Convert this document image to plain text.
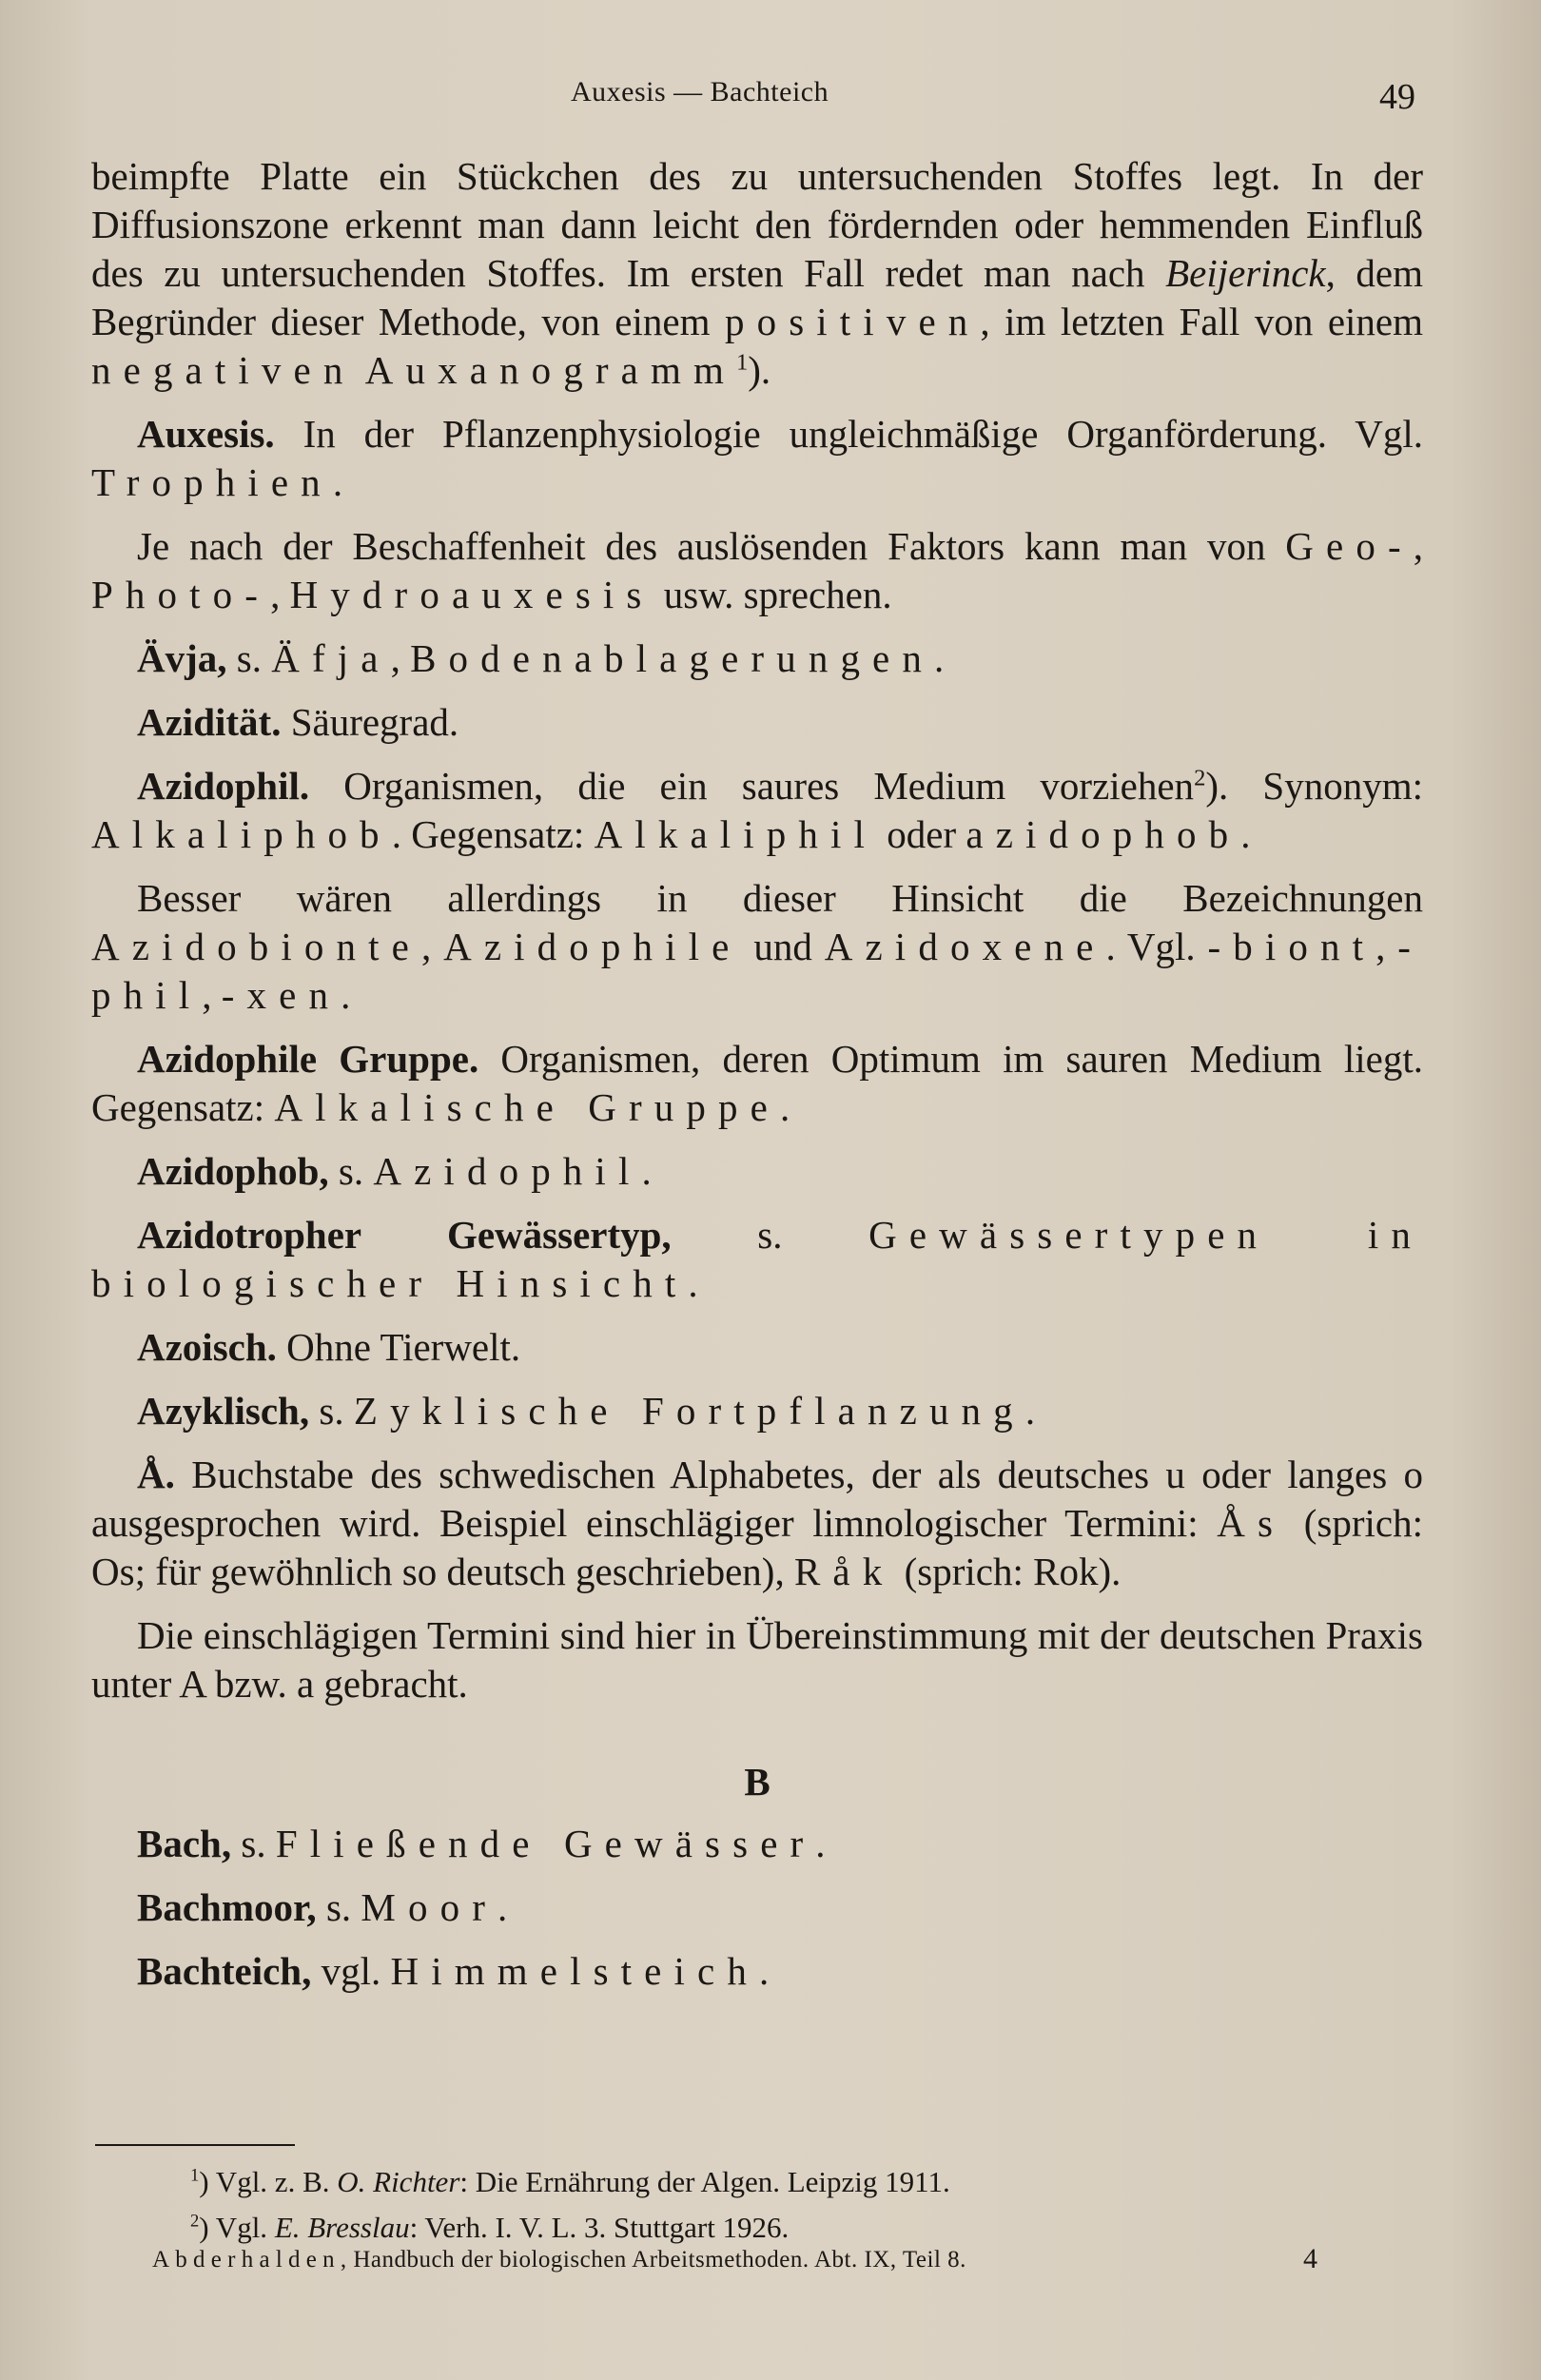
Auxesis — Bachteich	49

beimpfte Platte ein Stückchen des zu untersuchenden Stoffes legt. In der Diffusionszone erkennt man dann leicht den fördernden oder hemmenden Einfluß des zu untersuchenden Stoffes. Im ersten Fall redet man nach Beijerinck, dem Begründer dieser Methode, von einem positiven, im letzten Fall von einem negativen Auxanogramm$^1$).

Auxesis. In der Pflanzenphysiologie ungleichmäßige Organförderung. Vgl. Trophien.

Je nach der Beschaffenheit des auslösenden Faktors kann man von Geo-, Photo-, Hydroauxesis usw. sprechen.

Ävja, s. Äfja, Bodenablagerungen.

Azidität. Säuregrad.

Azidophil. Organismen, die ein saures Medium vorziehen$^2$). Synonym: Alkaliphob. Gegensatz: Alkaliphil oder azidophob.

Besser wären allerdings in dieser Hinsicht die Bezeichnungen Azidobionte, Azidophile und Azidoxene. Vgl. -biont, -phil, -xen.

Azidophile Gruppe. Organismen, deren Optimum im sauren Medium liegt. Gegensatz: Alkalische Gruppe.

Azidophob, s. Azidophil.

Azidotropher Gewässertyp, s. Gewässertypen in biologischer Hinsicht.

Azoisch. Ohne Tierwelt.

Azyklisch, s. Zyklische Fortpflanzung.

Å. Buchstabe des schwedischen Alphabetes, der als deutsches u oder langes o ausgesprochen wird. Beispiel einschlägiger limnologischer Termini: Ås (sprich: Os; für gewöhnlich so deutsch geschrieben), Råk (sprich: Rok).

Die einschlägigen Termini sind hier in Übereinstimmung mit der deutschen Praxis unter A bzw. a gebracht.

B

Bach, s. Fließende Gewässer.

Bachmoor, s. Moor.

Bachteich, vgl. Himmelsteich.

$^1$) Vgl. z. B. O. Richter: Die Ernährung der Algen. Leipzig 1911.

$^2$) Vgl. E. Bresslau: Verh. I. V. L. 3. Stuttgart 1926.

Abderhalden, Handbuch der biologischen Arbeitsmethoden. Abt. IX, Teil 8.	4
